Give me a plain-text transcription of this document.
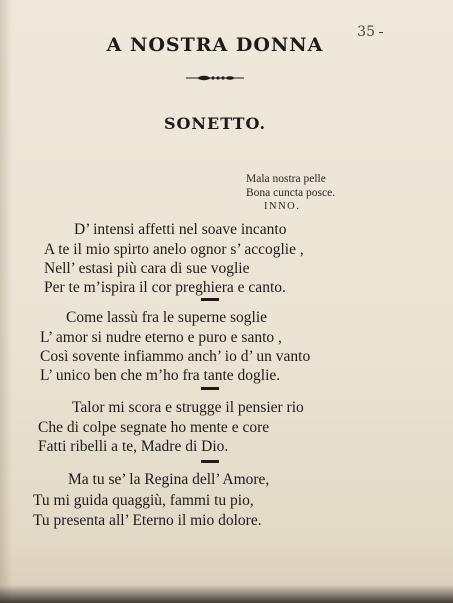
35
A NOSTRA DONNA
SONETTO.
Mala nostra pelle
Bona cuncta posce.
INNO.
D’ intensi affetti nel soave incanto
A te il mio spirto anelo ognor s’ accoglie ,
Nell’ estasi più cara di sue voglie
Per te m’ispira il cor preghiera e canto.
Come lassù fra le superne soglie
L’ amor si nudre eterno e puro e santo ,
Così sovente infiammo anch’ io d’ un vanto
L’ unico ben che m’ho fra tante doglie.
Talor mi scora e strugge il pensier rio
Che di colpe segnate ho mente e core
Fatti ribelli a te, Madre di Dio.
Ma tu se’ la Regina dell’ Amore,
Tu mi guida quaggiù, fammi tu pio,
Tu presenta all’ Eterno il mio dolore.
